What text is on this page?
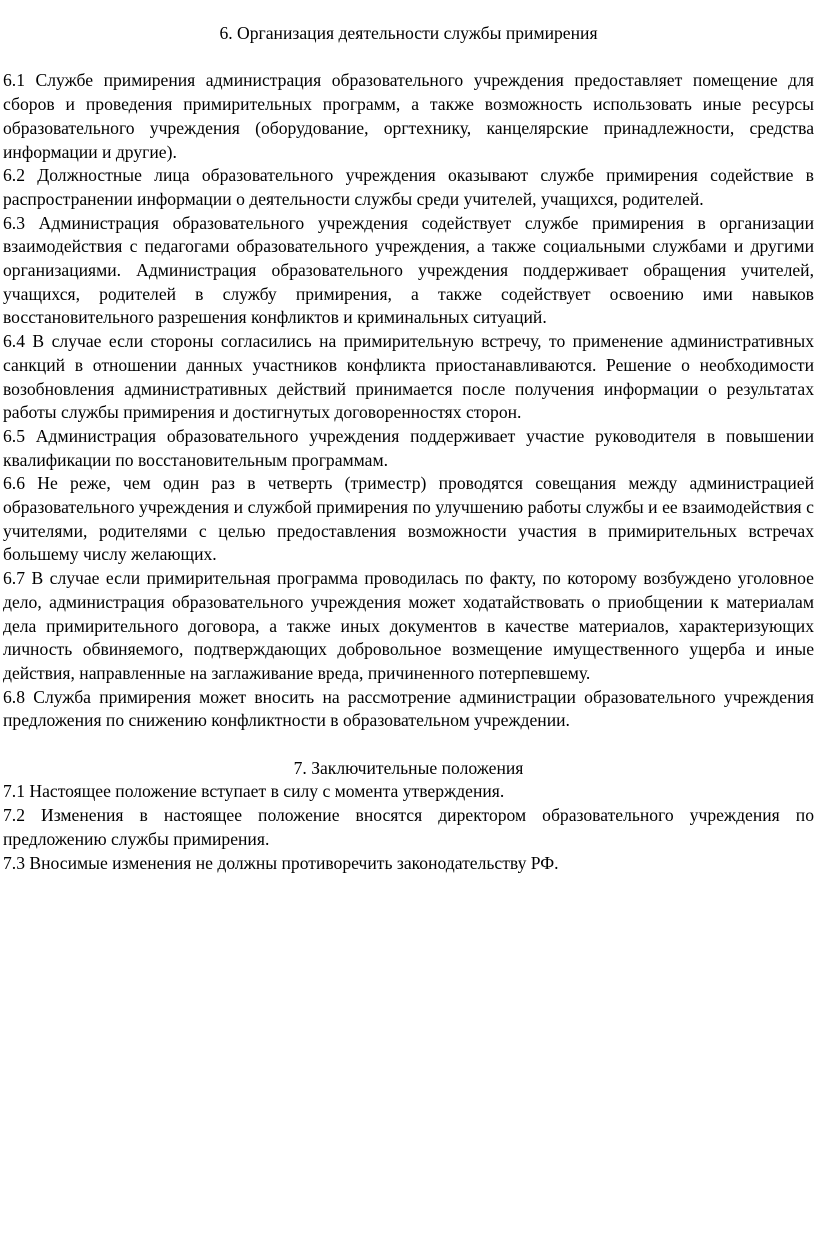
6. Организация деятельности службы примирения

6.1 Службе примирения администрация образовательного учреждения предоставляет помещение для сборов и проведения примирительных программ, а также возможность использовать иные ресурсы образовательного учреждения (оборудование, оргтехнику, канцелярские принадлежности, средства информации и другие).

6.2 Должностные лица образовательного учреждения оказывают службе примирения содействие в распространении информации о деятельности службы среди учителей, учащихся, родителей.

6.3 Администрация образовательного учреждения содействует службе примирения в организации взаимодействия с педагогами образовательного учреждения, а также социальными службами и другими организациями. Администрация образовательного учреждения поддерживает обращения учителей, учащихся, родителей в службу примирения, а также содействует освоению ими навыков восстановительного разрешения конфликтов и криминальных ситуаций.

6.4 В случае если стороны согласились на примирительную встречу, то применение административных санкций в отношении данных участников конфликта приостанавливаются. Решение о необходимости возобновления административных действий принимается после получения информации о результатах работы службы примирения и достигнутых договоренностях сторон.

6.5 Администрация образовательного учреждения поддерживает участие руководителя в повышении квалификации по восстановительным программам.

6.6 Не реже, чем один раз в четверть (триместр) проводятся совещания между администрацией образовательного учреждения и службой примирения по улучшению работы службы и ее взаимодействия с учителями, родителями с целью предоставления возможности участия в примирительных встречах большему числу желающих.

6.7 В случае если примирительная программа проводилась по факту, по которому возбуждено уголовное дело, администрация образовательного учреждения может ходатайствовать о приобщении к материалам дела примирительного договора, а также иных документов в качестве материалов, характеризующих личность обвиняемого, подтверждающих добровольное возмещение имущественного ущерба и иные действия, направленные на заглаживание вреда, причиненного потерпевшему.

6.8 Служба примирения может вносить на рассмотрение администрации образовательного учреждения предложения по снижению конфликтности в образовательном учреждении.

7. Заключительные положения

7.1 Настоящее положение вступает в силу с момента утверждения.

7.2 Изменения в настоящее положение вносятся директором образовательного учреждения по предложению службы примирения.

7.3 Вносимые изменения не должны противоречить законодательству РФ.
